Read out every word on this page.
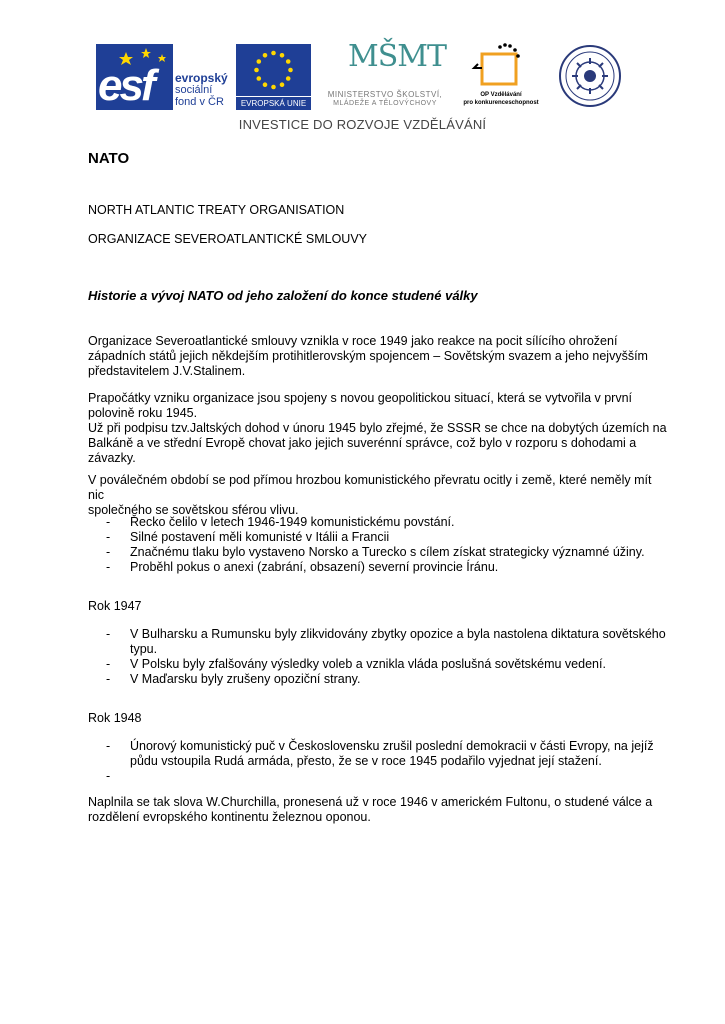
esf evropský
sociální
fond v ČR	EVROPSKÁ UNIE
MŠMT
MINISTERSTVO ŠKOLSTVÍ,
MLÁDEŽE A TĚLOVÝCHOVY
OP Vzdělávání
pro konkurenceschopnost
INVESTICE DO ROZVOJE VZDĚLÁVÁNÍ
NATO
NORTH ATLANTIC TREATY ORGANISATION
ORGANIZACE SEVEROATLANTICKÉ SMLOUVY
Historie a vývoj NATO od jeho založení do konce studené války

Organizace Severoatlantické smlouvy vznikla v roce 1949 jako reakce na pocit sílícího ohrožení

západních států jejich někdejším protihitlerovským spojencem – Sovětským svazem a jeho nejvyšším

představitelem J.V.Stalinem.

Prapočátky vzniku organizace jsou spojeny s novou geopolitickou situací, která se vytvořila v první

polovině roku 1945.

Už při podpisu tzv.Jaltských dohod v únoru 1945 bylo zřejmé, že SSSR se chce na dobytých územích na

Balkáně a ve střední Evropě chovat jako jejich suverénní správce, což bylo v rozporu s dohodami a

závazky.

V poválečném období se pod přímou hrozbou komunistického převratu ocitly i země, které neměly mít nic

společného se sovětskou sférou vlivu.

- Řecko čelilo v letech 1946-1949 komunistickému povstání.
- Silné postavení měli komunisté v Itálii a Francii
- Značnému tlaku bylo vystaveno Norsko a Turecko s cílem získat strategicky významné úžiny.
- Proběhl pokus o anexi (zabrání, obsazení) severní provincie Íránu.
Rok 1947
- V Bulharsku a Rumunsku byly zlikvidovány zbytky opozice a byla nastolena diktatura sovětského
typu.
- V Polsku byly zfalšovány výsledky voleb a vznikla vláda poslušná sovětskému vedení.
- V Maďarsku byly zrušeny opoziční strany.
Rok 1948
- Únorový komunistický puč v Československu zrušil poslední demokracii v části Evropy, na jejíž
půdu vstoupila Rudá armáda, přesto, že se v roce 1945 podařilo vyjednat její stažení.
-

Naplnila se tak slova W.Churchilla, pronesená už v roce 1946 v americkém Fultonu, o studené válce a

rozdělení evropského kontinentu železnou oponou.
